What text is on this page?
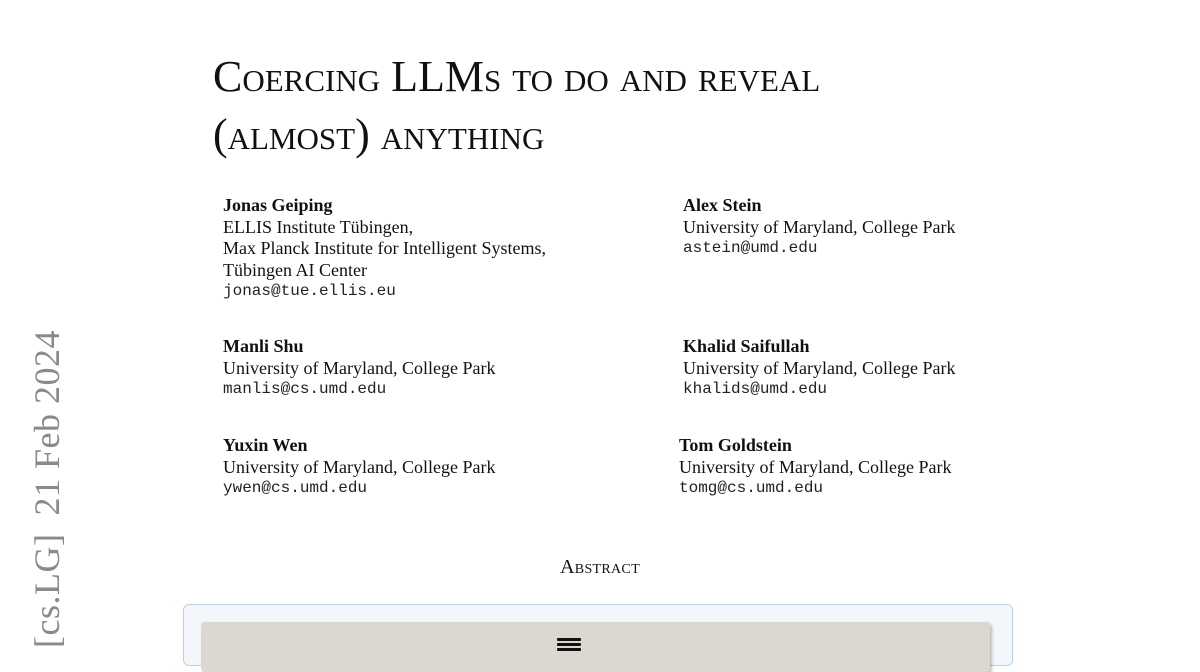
[cs.LG]21 Feb 2024
Coercing LLMs to do and reveal
(almost) anything
Jonas Geiping
ELLIS Institute Tübingen,
Max Planck Institute for Intelligent Systems,
Tübingen AI Center
jonas@tue.ellis.eu
Alex Stein
University of Maryland, College Park
astein@umd.edu
Manli Shu
University of Maryland, College Park
manlis@cs.umd.edu
Khalid Saifullah
University of Maryland, College Park
khalids@umd.edu
Yuxin Wen
University of Maryland, College Park
ywen@cs.umd.edu
Tom Goldstein
University of Maryland, College Park
tomg@cs.umd.edu
Abstract
